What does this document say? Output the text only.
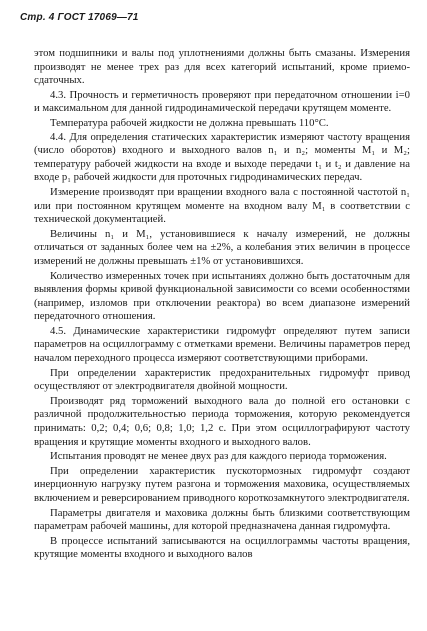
Стр. 4 ГОСТ 17069—71

этом подшипники и валы под уплотнениями должны быть смазаны. Измерения производят не менее трех раз для всех категорий испытаний, кроме приемо-сдаточных.

4.3. Прочность и герметичность проверяют при передаточном отношении i=0 и максимальном для данной гидродинамической передачи крутящем моменте.

Температура рабочей жидкости не должна превышать 110°С.

4.4. Для определения статических характеристик измеряют частоту вращения (число оборотов) входного и выходного валов n₁ и n₂; моменты M₁ и M₂; температуру рабочей жидкости на входе и выходе передачи t₁ и t₂ и давление на входе p₁ рабочей жидкости для проточных гидродинамических передач.

Измерение производят при вращении входного вала с постоянной частотой n₁ или при постоянном крутящем моменте на входном валу M₁ в соответствии с технической документацией.

Величины n₁ и M₁, установившиеся к началу измерений, не должны отличаться от заданных более чем на ±2%, а колебания этих величин в процессе измерений не должны превышать ±1% от установившихся.

Количество измеренных точек при испытаниях должно быть достаточным для выявления формы кривой функциональной зависимости со всеми особенностями (например, изломов при отключении реактора) во всем диапазоне измерений передаточного отношения.

4.5. Динамические характеристики гидромуфт определяют путем записи параметров на осциллограмму с отметками времени. Величины параметров перед началом переходного процесса измеряют соответствующими приборами.

При определении характеристик предохранительных гидромуфт привод осуществляют от электродвигателя двойной мощности.

Производят ряд торможений выходного вала до полной его остановки с различной продолжительностью периода торможения, которую рекомендуется принимать: 0,2; 0,4; 0,6; 0,8; 1,0; 1,2 с. При этом осциллографируют частоту вращения и крутящие моменты входного и выходного валов.

Испытания проводят не менее двух раз для каждого периода торможения.

При определении характеристик пускотормозных гидромуфт создают инерционную нагрузку путем разгона и торможения маховика, осуществляемых включением и реверсированием приводного короткозамкнутого электродвигателя.

Параметры двигателя и маховика должны быть близкими соответствующим параметрам рабочей машины, для которой предназначена данная гидромуфта.

В процессе испытаний записываются на осциллограммы частоты вращения, крутящие моменты входного и выходного валов
